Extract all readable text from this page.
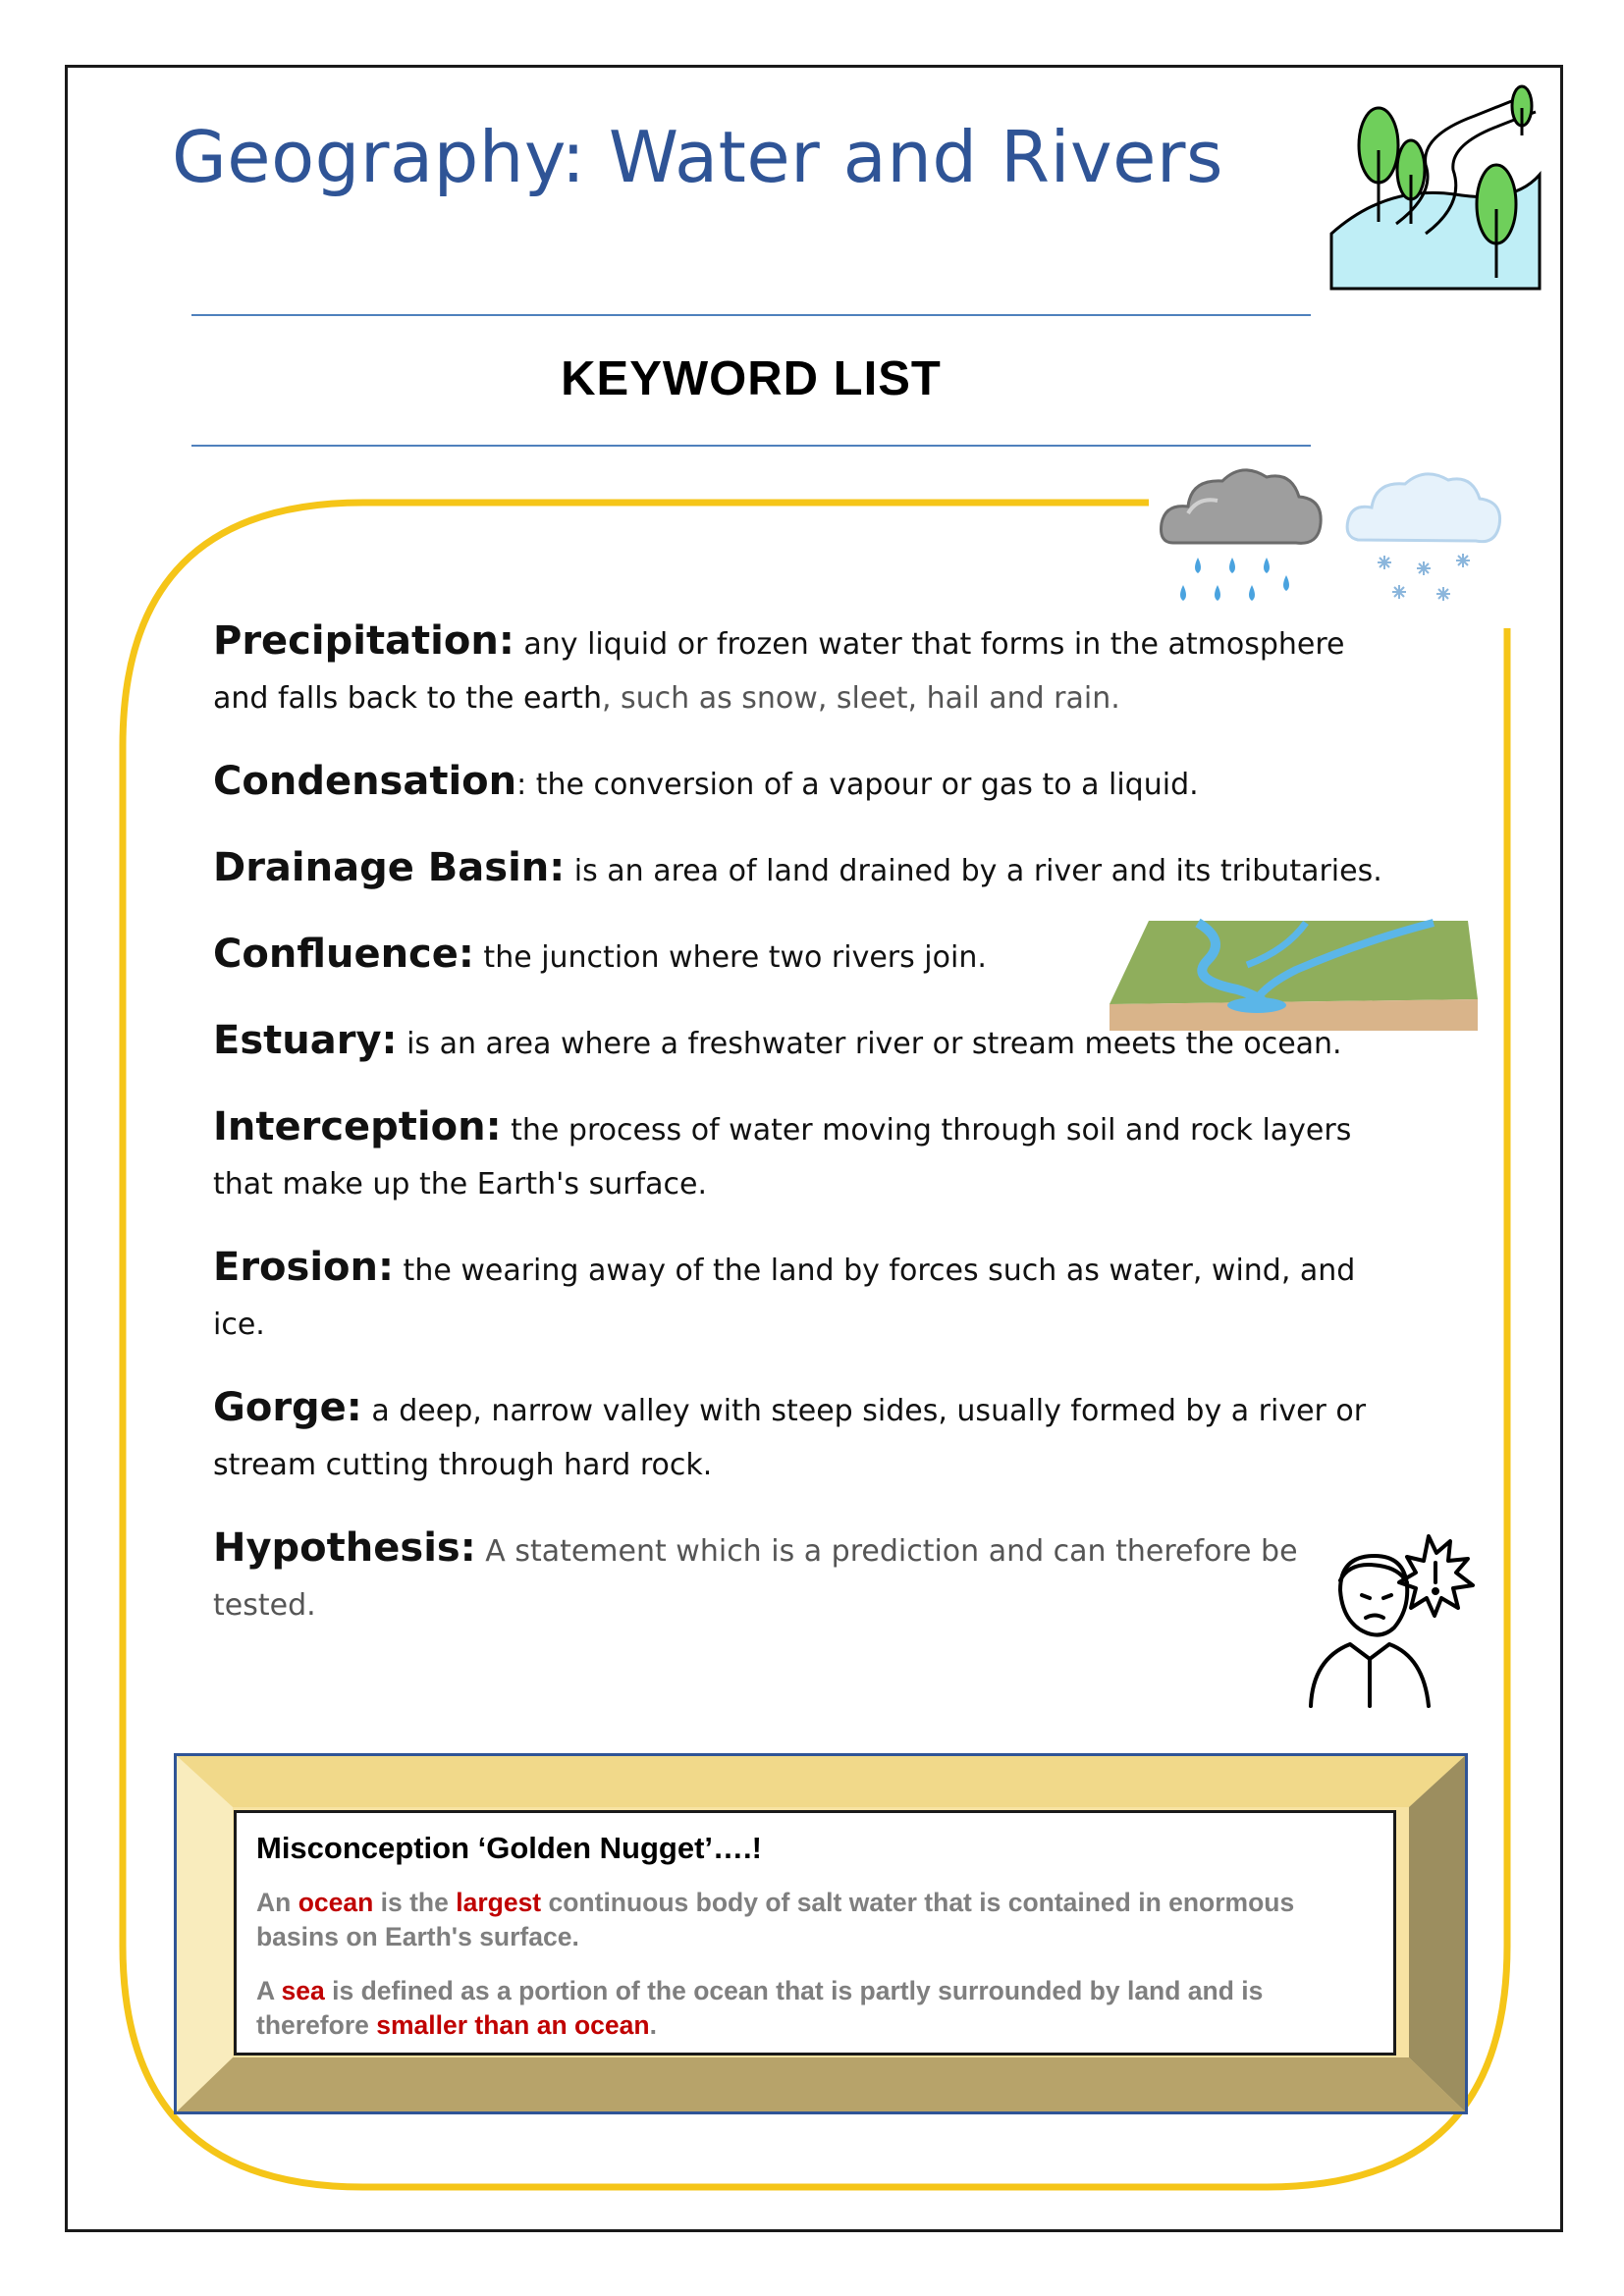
Geography: Water and Rivers
KEYWORD LIST

Precipitation: any liquid or frozen water that forms in the atmosphere and falls back to the earth, such as snow, sleet, hail and rain.

Condensation: the conversion of a vapour or gas to a liquid.

Drainage Basin: is an area of land drained by a river and its tributaries.

Confluence: the junction where two rivers join.

Estuary: is an area where a freshwater river or stream meets the ocean.

Interception: the process of water moving through soil and rock layers that make up the Earth's surface.

Erosion: the wearing away of the land by forces such as water, wind, and ice.

Gorge: a deep, narrow valley with steep sides, usually formed by a river or stream cutting through hard rock.

Hypothesis: A statement which is a prediction and can therefore be tested.

Misconception ‘Golden Nugget’….!

An ocean is the largest continuous body of salt water that is contained in enormous basins on Earth's surface.

A sea is defined as a portion of the ocean that is partly surrounded by land and is therefore smaller than an ocean.
